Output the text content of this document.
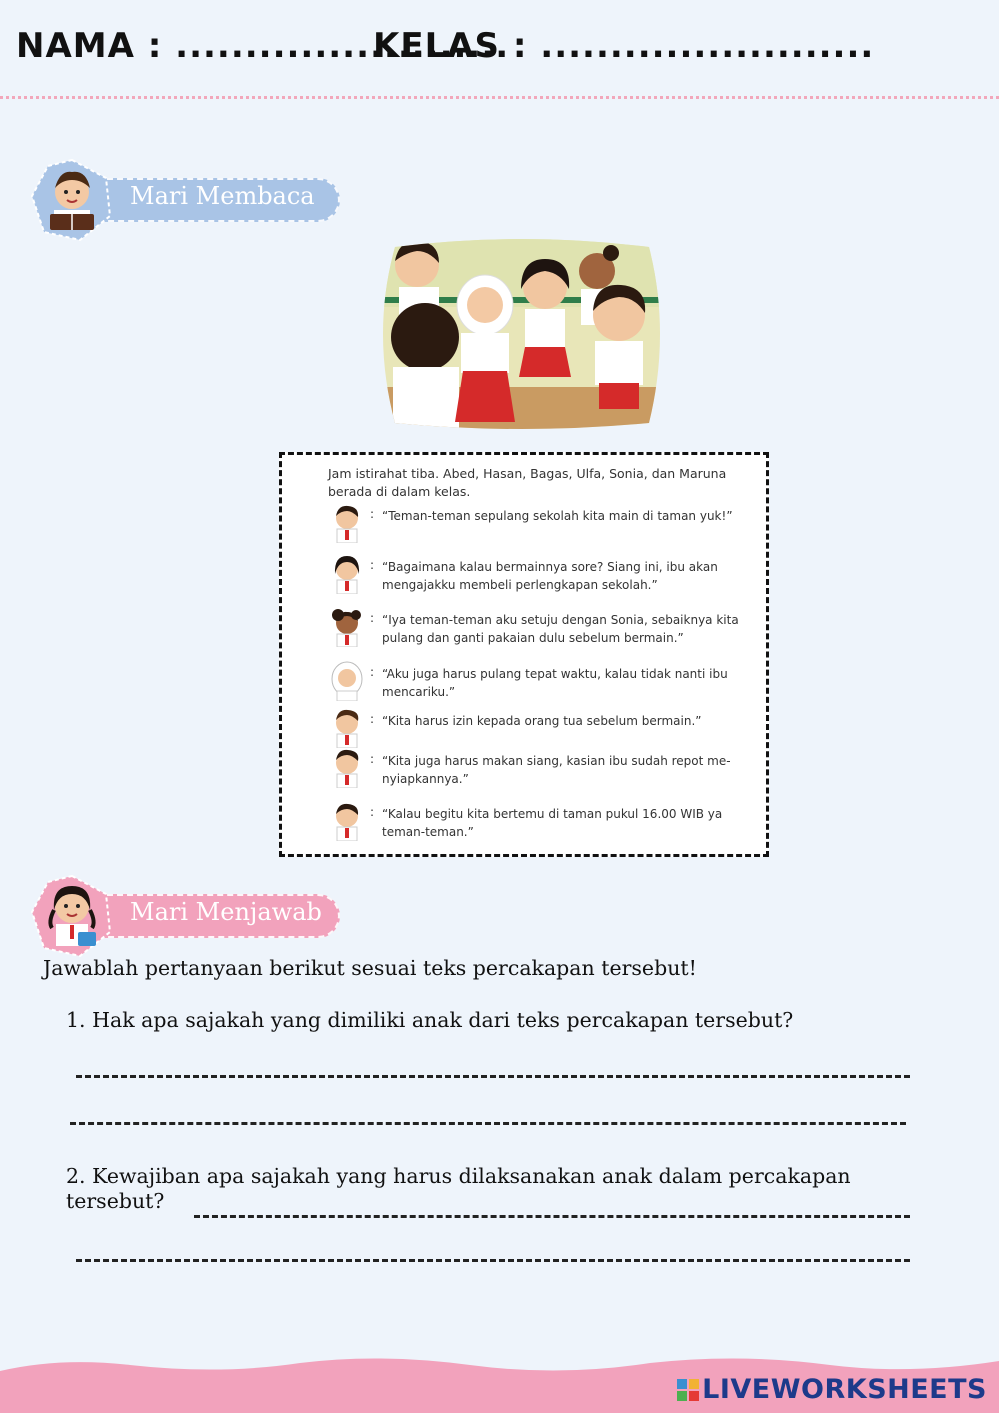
NAMA : ........................
KELAS : ........................
Mari Membaca
Jam istirahat tiba. Abed, Hasan, Bagas, Ulfa, Sonia, dan Maruna berada di dalam kelas.
: “Teman-teman sepulang sekolah kita main di taman yuk!”
: “Bagaimana kalau bermainnya sore? Siang ini, ibu akan mengajakku membeli perlengkapan sekolah.”
: “Iya teman-teman aku setuju dengan Sonia, sebaiknya kita pulang dan ganti pakaian dulu sebelum bermain.”
: “Aku juga harus pulang tepat waktu, kalau tidak nanti ibu mencariku.”
: “Kita harus izin kepada orang tua sebelum bermain.”
: “Kita juga harus makan siang, kasian ibu sudah repot me-nyiapkannya.”
: “Kalau begitu kita bertemu di taman pukul 16.00 WIB ya teman-teman.”
Mari Menjawab
Jawablah pertanyaan berikut sesuai teks percakapan tersebut!
1. Hak apa sajakah yang dimiliki anak dari teks percakapan tersebut?
2. Kewajiban apa sajakah yang harus dilaksanakan anak dalam percakapan tersebut?
LIVEWORKSHEETS
